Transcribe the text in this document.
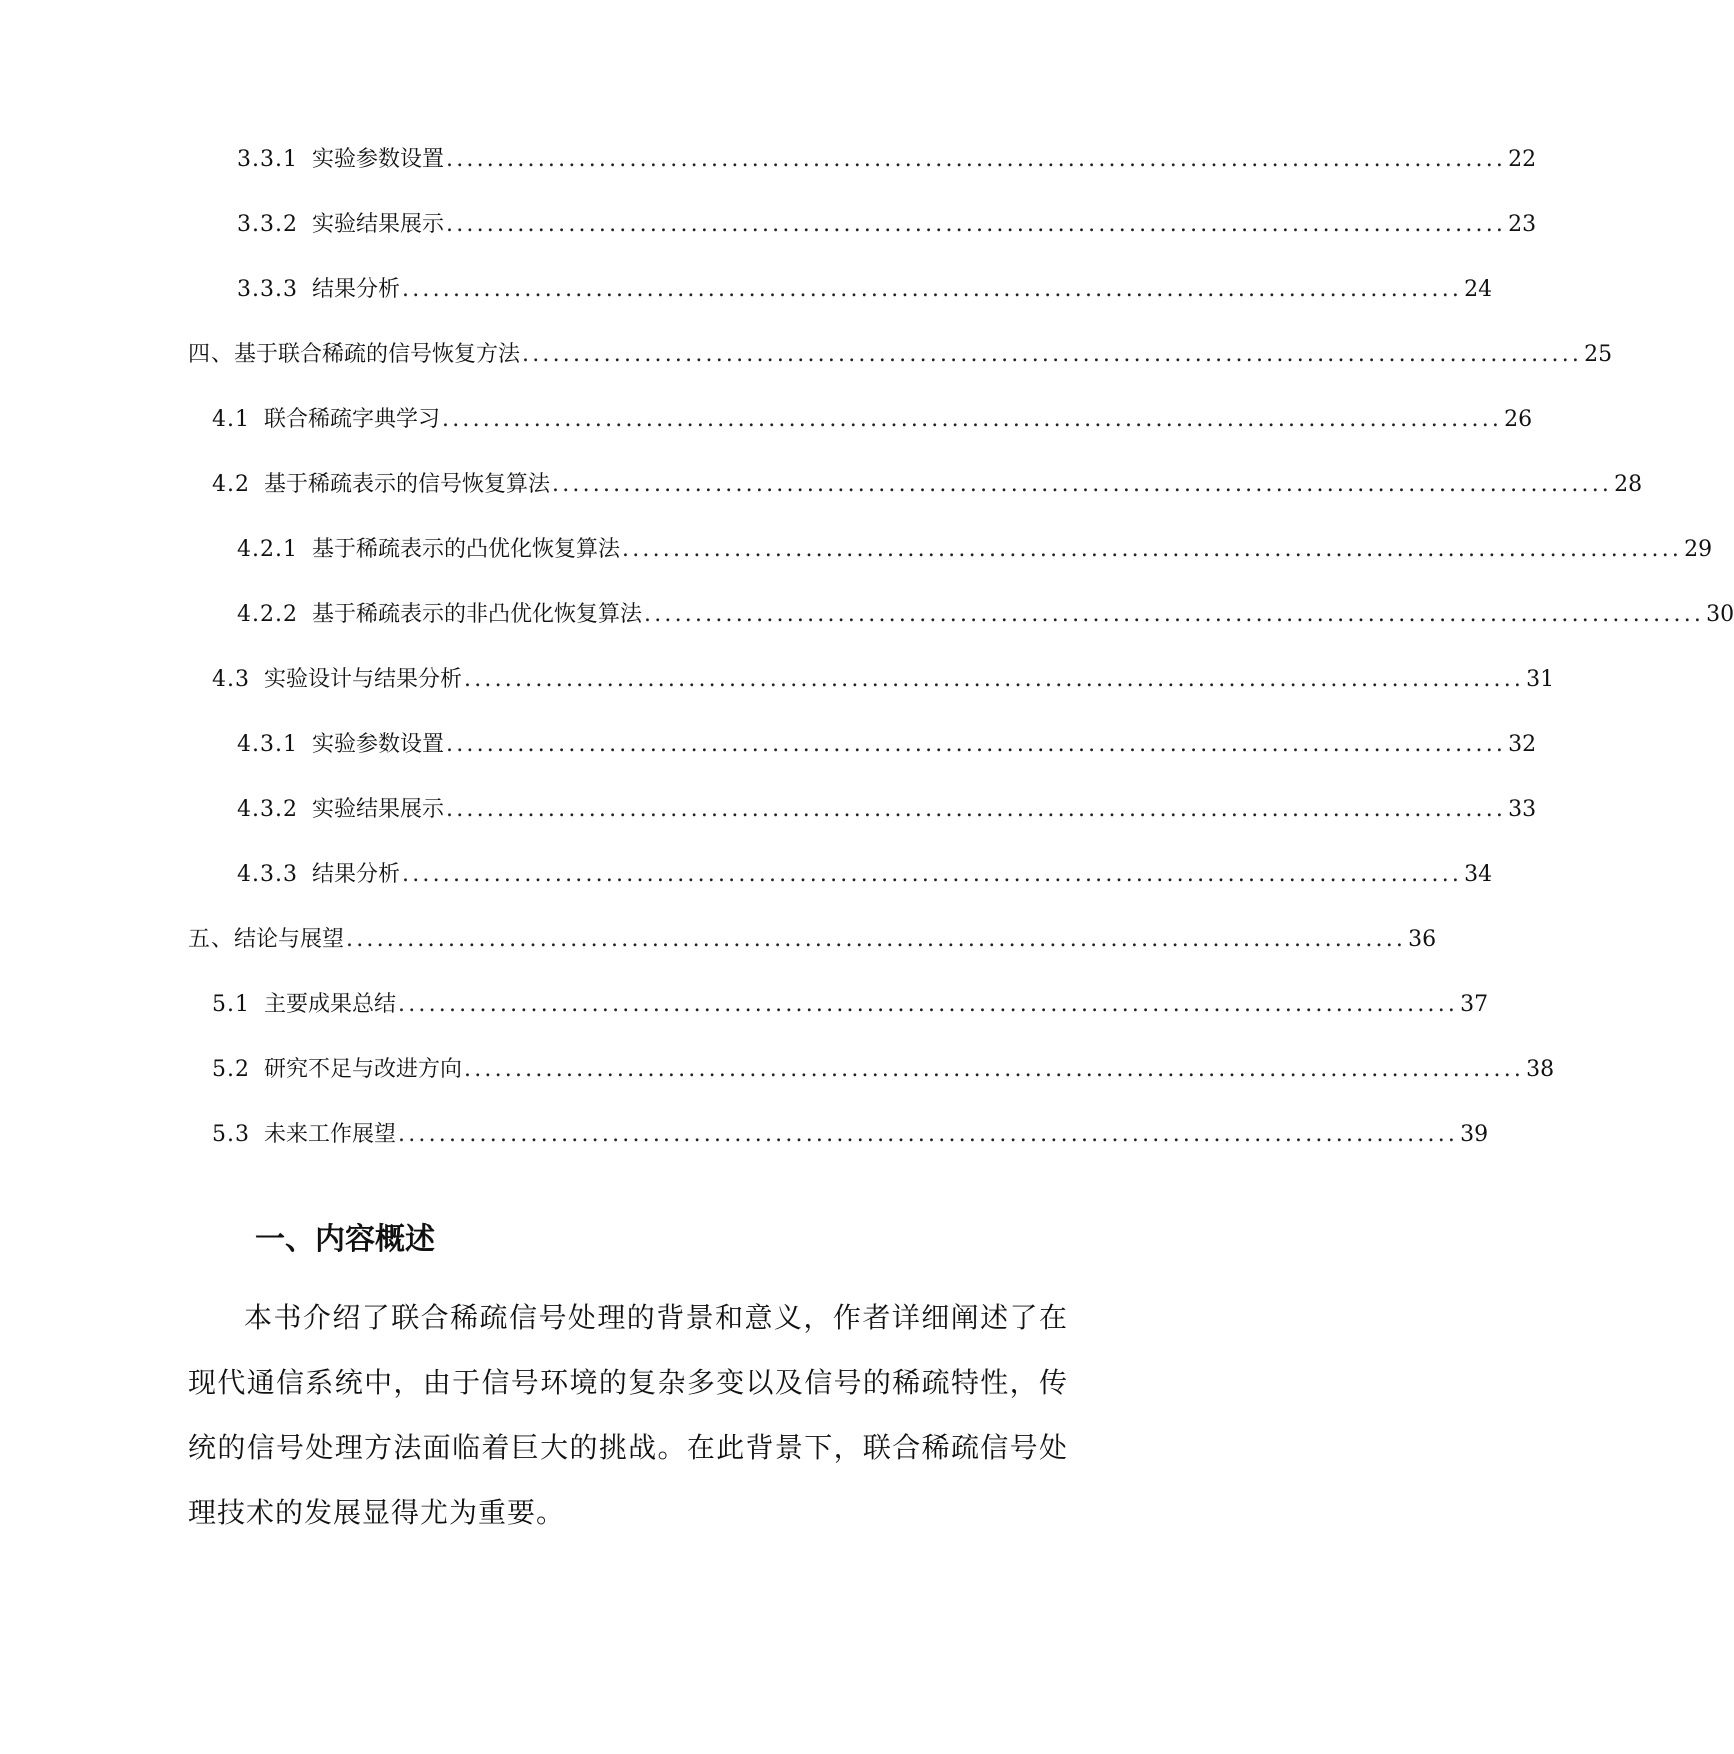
3.3.1 实验参数设置 ........................................................................................................ 22
3.3.2 实验结果展示 ........................................................................................................ 23
3.3.3 结果分析 ........................................................................................................ 24
四、 基于联合稀疏的信号恢复方法 ........................................................................................................ 25
4.1 联合稀疏字典学习 ........................................................................................................ 26
4.2 基于稀疏表示的信号恢复算法 ........................................................................................................ 28
4.2.1 基于稀疏表示的凸优化恢复算法 ........................................................................................................ 29
4.2.2 基于稀疏表示的非凸优化恢复算法 ........................................................................................................ 30
4.3 实验设计与结果分析 ........................................................................................................ 31
4.3.1 实验参数设置 ........................................................................................................ 32
4.3.2 实验结果展示 ........................................................................................................ 33
4.3.3 结果分析 ........................................................................................................ 34
五、 结论与展望 ........................................................................................................ 36
5.1 主要成果总结 ........................................................................................................ 37
5.2 研究不足与改进方向 ........................................................................................................ 38
5.3 未来工作展望 ........................................................................................................ 39
一、内容概述

本书介绍了联合稀疏信号处理的背景和意义，作者详细阐述了在现代通信系统中，由于信号环境的复杂多变以及信号的稀疏特性，传统的信号处理方法面临着巨大的挑战。在此背景下，联合稀疏信号处理技术的发展显得尤为重要。
